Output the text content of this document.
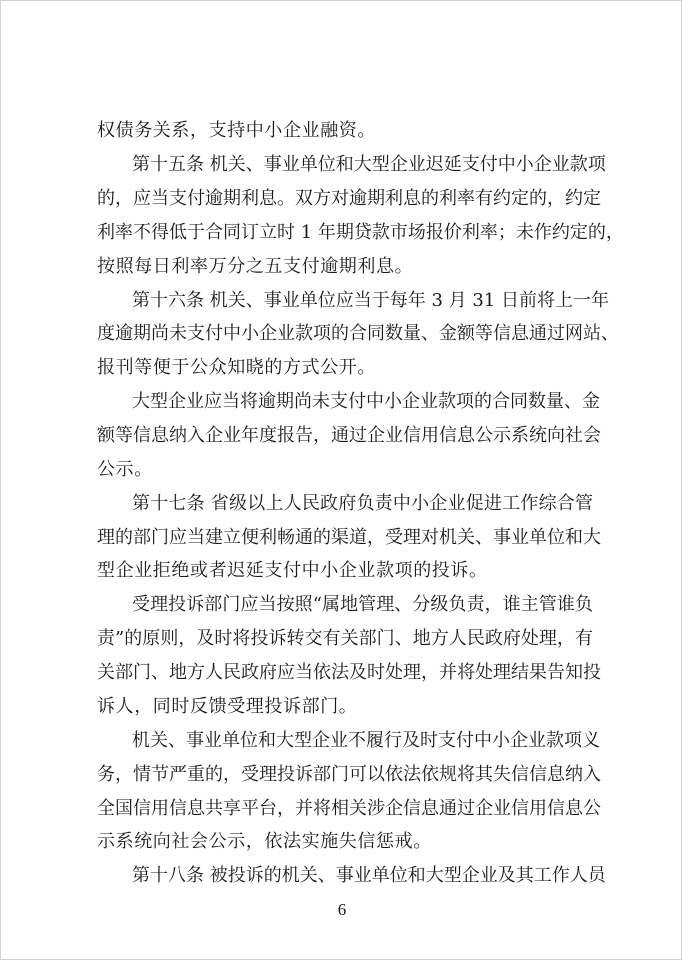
权债务关系，支持中小企业融资。
第十五条 机关、事业单位和大型企业迟延支付中小企业款项
的，应当支付逾期利息。双方对逾期利息的利率有约定的，约定
利率不得低于合同订立时 1 年期贷款市场报价利率；未作约定的，
按照每日利率万分之五支付逾期利息。
第十六条 机关、事业单位应当于每年 3 月 31 日前将上一年
度逾期尚未支付中小企业款项的合同数量、金额等信息通过网站、
报刊等便于公众知晓的方式公开。
大型企业应当将逾期尚未支付中小企业款项的合同数量、金
额等信息纳入企业年度报告，通过企业信用信息公示系统向社会
公示。
第十七条 省级以上人民政府负责中小企业促进工作综合管
理的部门应当建立便利畅通的渠道，受理对机关、事业单位和大
型企业拒绝或者迟延支付中小企业款项的投诉。
受理投诉部门应当按照“属地管理、分级负责，谁主管谁负
责”的原则，及时将投诉转交有关部门、地方人民政府处理，有
关部门、地方人民政府应当依法及时处理，并将处理结果告知投
诉人，同时反馈受理投诉部门。
机关、事业单位和大型企业不履行及时支付中小企业款项义
务，情节严重的，受理投诉部门可以依法依规将其失信信息纳入
全国信用信息共享平台，并将相关涉企信息通过企业信用信息公
示系统向社会公示，依法实施失信惩戒。
第十八条 被投诉的机关、事业单位和大型企业及其工作人员
6
